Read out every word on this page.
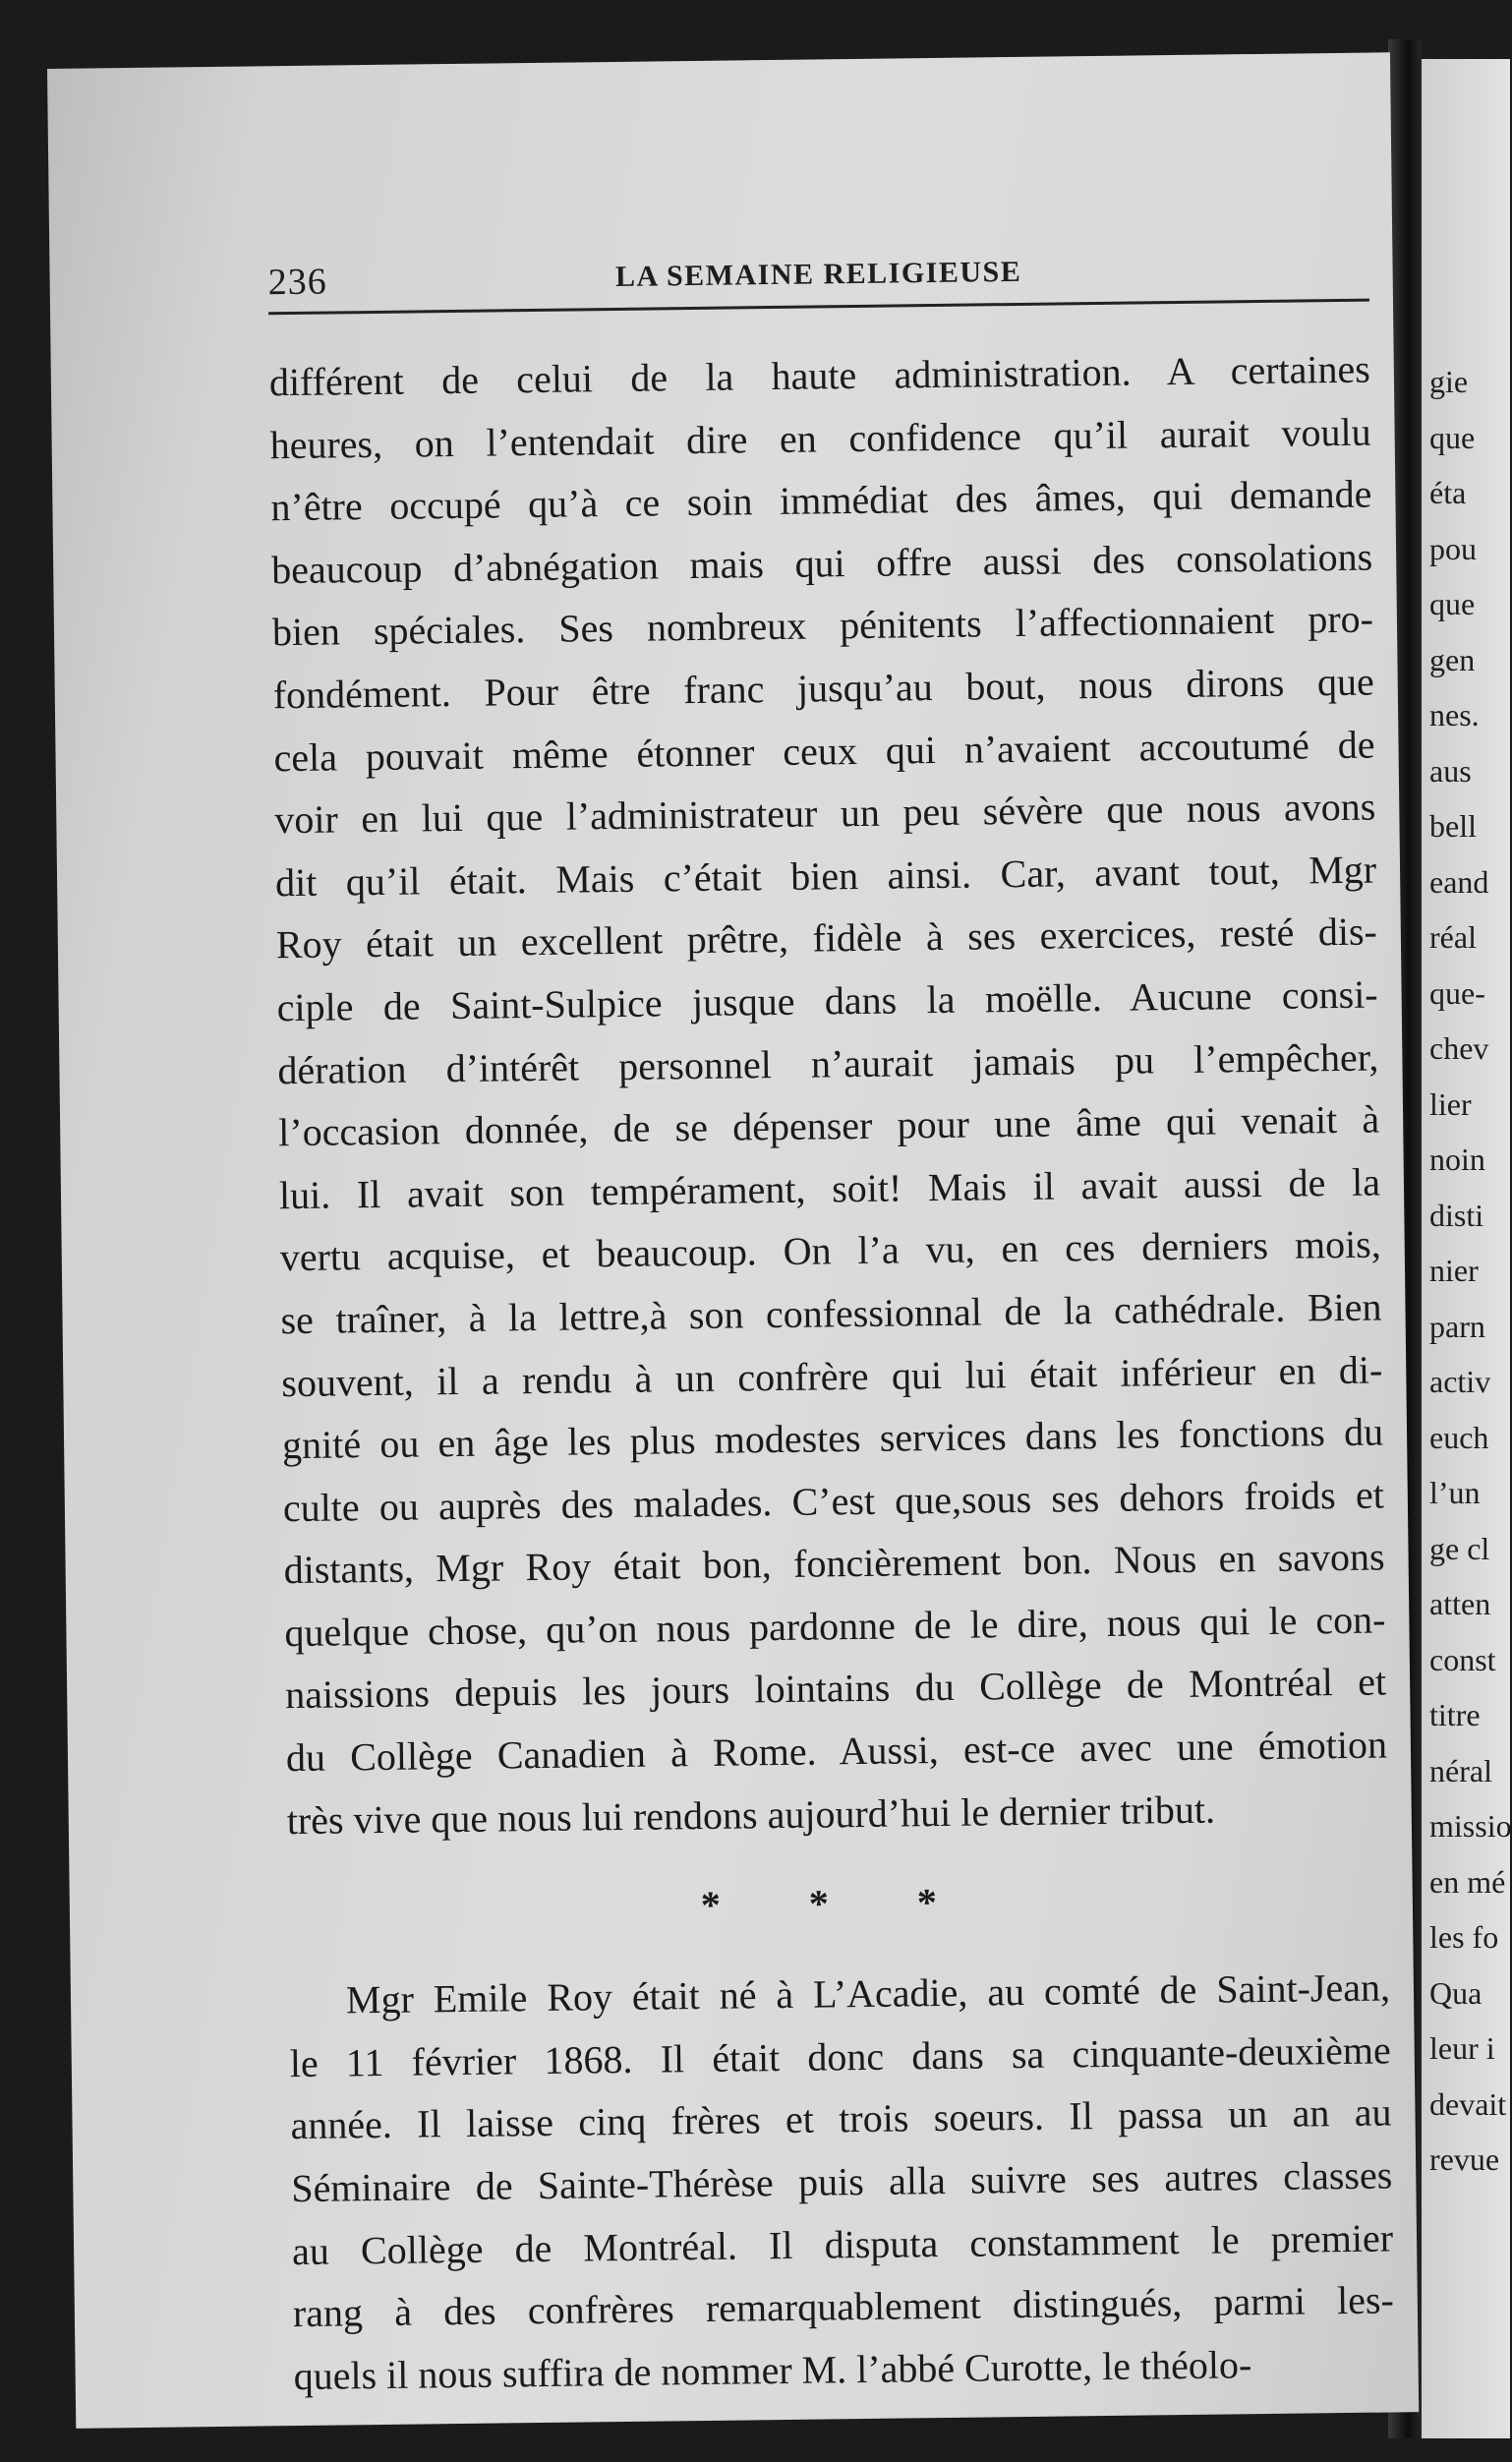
gie
que
éta
pou
que
gen
nes.
aus
bell
eand
réal
que-
chev
lier
noin
disti
nier
parn
activ
euch
l’un
ge cl
atten
const
titre
néral
missio
en mé
les fo
Qua
leur i
devait
revue
236	LA SEMAINE RELIGIEUSE
différent de celui de la haute administration. A certaines
heures, on l’entendait dire en confidence qu’il aurait voulu
n’être occupé qu’à ce soin immédiat des âmes, qui demande
beaucoup d’abnégation mais qui offre aussi des consolations
bien spéciales. Ses nombreux pénitents l’affectionnaient pro-
fondément. Pour être franc jusqu’au bout, nous dirons que
cela pouvait même étonner ceux qui n’avaient accoutumé de
voir en lui que l’administrateur un peu sévère que nous avons
dit qu’il était. Mais c’était bien ainsi. Car, avant tout, Mgr
Roy était un excellent prêtre, fidèle à ses exercices, resté dis-
ciple de Saint-Sulpice jusque dans la moëlle. Aucune consi-
dération d’intérêt personnel n’aurait jamais pu l’empêcher,
l’occasion donnée, de se dépenser pour une âme qui venait à
lui. Il avait son tempérament, soit! Mais il avait aussi de la
vertu acquise, et beaucoup. On l’a vu, en ces derniers mois,
se traîner, à la lettre,à son confessionnal de la cathédrale. Bien
souvent, il a rendu à un confrère qui lui était inférieur en di-
gnité ou en âge les plus modestes services dans les fonctions du
culte ou auprès des malades. C’est que,sous ses dehors froids et
distants, Mgr Roy était bon, foncièrement bon. Nous en savons
quelque chose, qu’on nous pardonne de le dire, nous qui le con-
naissions depuis les jours lointains du Collège de Montréal et
du Collège Canadien à Rome. Aussi, est-ce avec une émotion
très vive que nous lui rendons aujourd’hui le dernier tribut.
* * *
Mgr Emile Roy était né à L’Acadie, au comté de Saint-Jean,
le 11 février 1868. Il était donc dans sa cinquante-deuxième
année. Il laisse cinq frères et trois soeurs. Il passa un an au
Séminaire de Sainte-Thérèse puis alla suivre ses autres classes
au Collège de Montréal. Il disputa constamment le premier
rang à des confrères remarquablement distingués, parmi les-
quels il nous suffira de nommer M. l’abbé Curotte, le théolo-
